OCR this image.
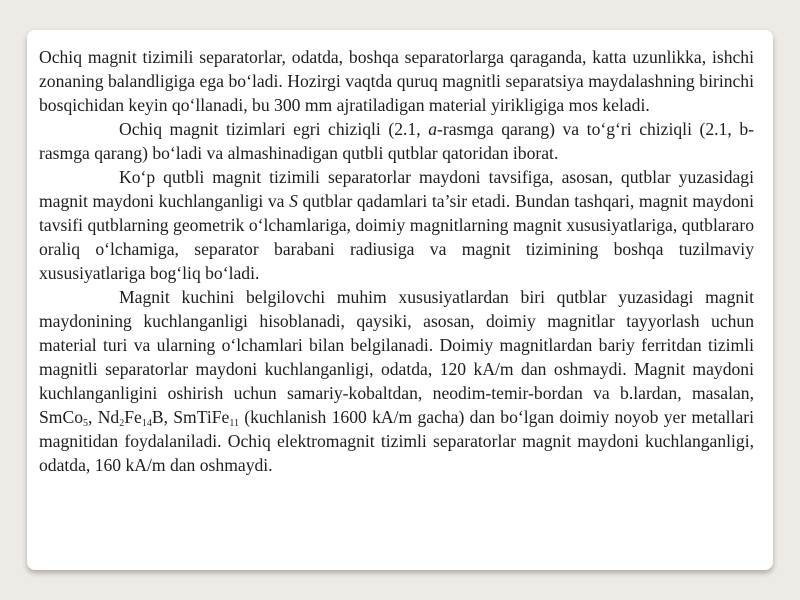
Ochiq magnit tizimili separatorlar, odatda, boshqa separatorlarga qaraganda, katta uzunlikka, ishchi zonaning balandligiga ega bo‘ladi. Hozirgi vaqtda quruq magnitli separatsiya maydalashning birinchi bosqichidan keyin qo‘llanadi, bu 300 mm ajratiladigan material yirikligiga mos keladi.

Ochiq magnit tizimlari egri chiziqli (2.1, a-rasmga qarang) va to‘g‘ri chiziqli (2.1, b-rasmga qarang) bo‘ladi va almashinadigan qutbli qutblar qatoridan iborat.

Ko‘p qutbli magnit tizimili separatorlar maydoni tavsifiga, asosan, qutblar yuzasidagi magnit maydoni kuchlanganligi va S qutblar qadamlari ta’sir etadi. Bundan tashqari, magnit maydoni tavsifi qutblarning geometrik o‘lchamlariga, doimiy magnitlarning magnit xususiyatlariga, qutblararo oraliq o‘lchamiga, separator barabani radiusiga va magnit tizimining boshqa tuzilmaviy xususiyatlariga bog‘liq bo‘ladi.

Magnit kuchini belgilovchi muhim xususiyatlardan biri qutblar yuzasidagi magnit maydonining kuchlanganligi hisoblanadi, qaysiki, asosan, doimiy magnitlar tayyorlash uchun material turi va ularning o‘lchamlari bilan belgilanadi. Doimiy magnitlardan bariy ferritdan tizimli magnitli separatorlar maydoni kuchlanganligi, odatda, 120 kA/m dan oshmaydi. Magnit maydoni kuchlanganligini oshirish uchun samariy-kobaltdan, neodim-temir-bordan va b.lardan, masalan, SmCo$_5$, $Nd_2Fe_{14}B$, SmTiFe$_{11}$ (kuchlanish 1600 kA/m gacha) dan bo‘lgan doimiy noyob yer metallari magnitidan foydalaniladi. Ochiq elektromagnit tizimli separatorlar magnit maydoni kuchlanganligi, odatda, 160 kA/m dan oshmaydi.
